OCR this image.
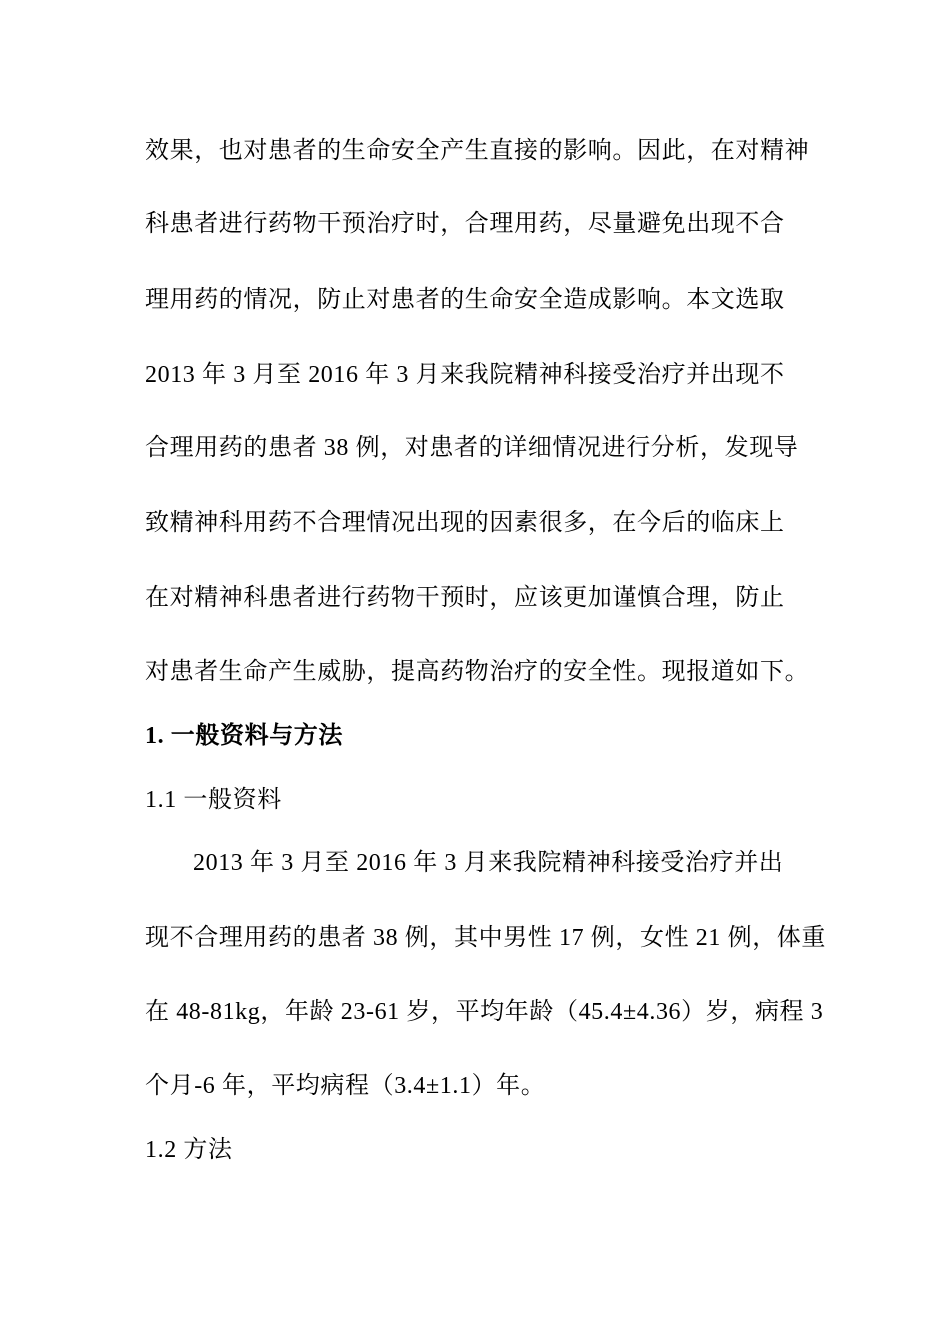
效果，也对患者的生命安全产生直接的影响。因此，在对精神
科患者进行药物干预治疗时，合理用药，尽量避免出现不合
理用药的情况，防止对患者的生命安全造成影响。本文选取
2013 年 3 月至 2016 年 3 月来我院精神科接受治疗并出现不
合理用药的患者 38 例，对患者的详细情况进行分析，发现导
致精神科用药不合理情况出现的因素很多，在今后的临床上
在对精神科患者进行药物干预时，应该更加谨慎合理，防止
对患者生命产生威胁，提高药物治疗的安全性。现报道如下。
1. 一般资料与方法
1.1 一般资料
2013 年 3 月至 2016 年 3 月来我院精神科接受治疗并出
现不合理用药的患者 38 例，其中男性 17 例，女性 21 例，体重
在 48-81kg，年龄 23-61 岁，平均年龄（45.4±4.36）岁，病程 3
个月-6 年，平均病程（3.4±1.1）年。
1.2 方法
